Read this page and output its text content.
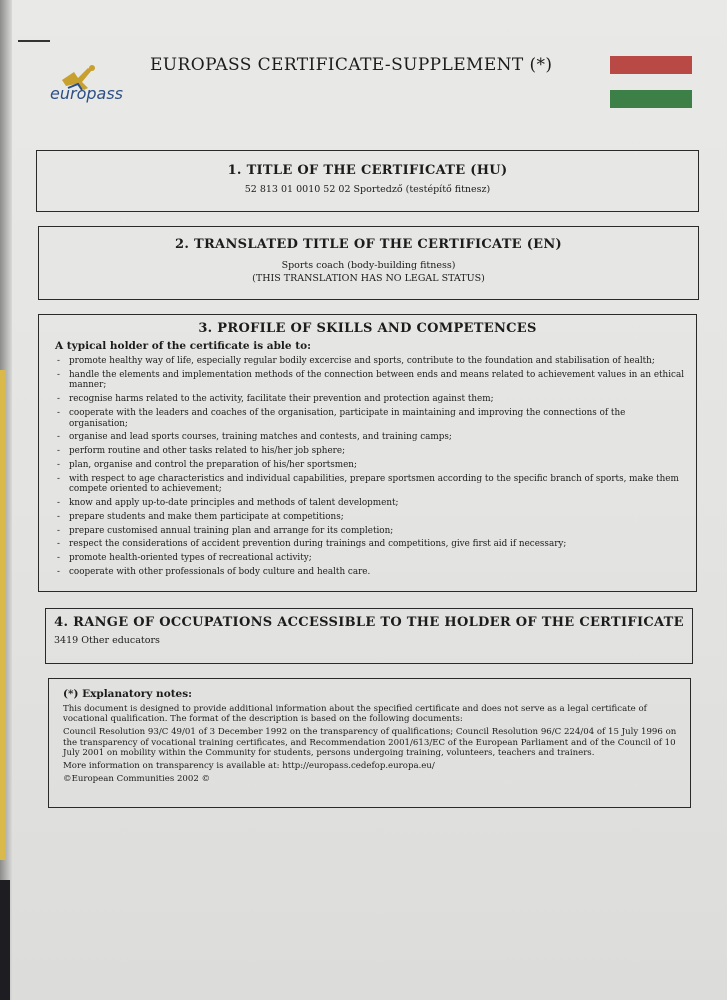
europass
EUROPASS CERTIFICATE-SUPPLEMENT (*)
1. TITLE OF THE CERTIFICATE (HU)
52 813 01 0010 52 02 Sportedző (testépítő fitnesz)
2. TRANSLATED TITLE OF THE CERTIFICATE (EN)
Sports coach (body-building fitness)
(THIS TRANSLATION HAS NO LEGAL STATUS)
3. PROFILE OF SKILLS AND COMPETENCES
A typical holder of the certificate is able to:
- promote healthy way of life, especially regular bodily excercise and sports, contribute to the foundation and stabilisation of health;
- handle the elements and implementation methods of the connection between ends and means related to achievement values in an ethical manner;
- recognise harms related to the activity, facilitate their prevention and protection against them;
- cooperate with the leaders and coaches of the organisation, participate in maintaining and improving the connections of the organisation;
- organise and lead sports courses, training matches and contests, and training camps;
- perform routine and other tasks related to his/her job sphere;
- plan, organise and control the preparation of his/her sportsmen;
- with respect to age characteristics and individual capabilities, prepare sportsmen according to the specific branch of sports, make them compete oriented to achievement;
- know and apply up-to-date principles and methods of talent development;
- prepare students and make them participate at competitions;
- prepare customised annual training plan and arrange for its completion;
- respect the considerations of accident prevention during trainings and competitions, give first aid if necessary;
- promote health-oriented types of recreational activity;
- cooperate with other professionals of body culture and health care.
4. RANGE OF OCCUPATIONS ACCESSIBLE TO THE HOLDER OF THE CERTIFICATE
3419 Other educators
(*) Explanatory notes:
This document is designed to provide additional information about the specified certificate and does not serve as a legal certificate of vocational qualification. The format of the description is based on the following documents:
Council Resolution 93/C 49/01 of 3 December 1992 on the transparency of qualifications; Council Resolution 96/C 224/04 of 15 July 1996 on the transparency of vocational training certificates, and Recommendation 2001/613/EC of the European Parliament and of the Council of 10 July 2001 on mobility within the Community for students, persons undergoing training, volunteers, teachers and trainers.
More information on transparency is available at: http://europass.cedefop.europa.eu/
©European Communities 2002 ©
